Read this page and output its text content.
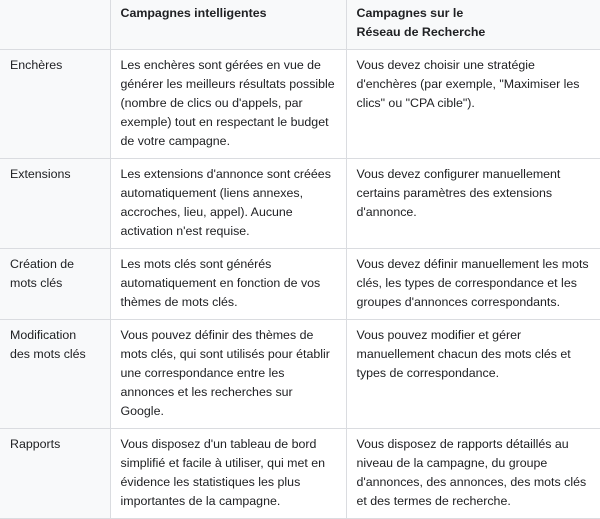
	Campagnes intelligentes	Campagnes sur le
Réseau de Recherche

Enchères	Les enchères sont gérées en vue de générer les meilleurs résultats possible (nombre de clics ou d'appels, par exemple) tout en respectant le budget de votre campagne.	Vous devez choisir une stratégie d'enchères (par exemple, "Maximiser les clics" ou "CPA cible").
Extensions	Les extensions d'annonce sont créées automatiquement (liens annexes, accroches, lieu, appel). Aucune activation n'est requise.	Vous devez configurer manuellement certains paramètres des extensions d'annonce.
Création de mots clés	Les mots clés sont générés automatiquement en fonction de vos thèmes de mots clés.	Vous devez définir manuellement les mots clés, les types de correspondance et les groupes d'annonces correspondants.
Modification des mots clés	Vous pouvez définir des thèmes de mots clés, qui sont utilisés pour établir une correspondance entre les annonces et les recherches sur Google.	Vous pouvez modifier et gérer manuellement chacun des mots clés et types de correspondance.
Rapports	Vous disposez d'un tableau de bord simplifié et facile à utiliser, qui met en évidence les statistiques les plus importantes de la campagne.	Vous disposez de rapports détaillés au niveau de la campagne, du groupe d'annonces, des annonces, des mots clés et des termes de recherche.
